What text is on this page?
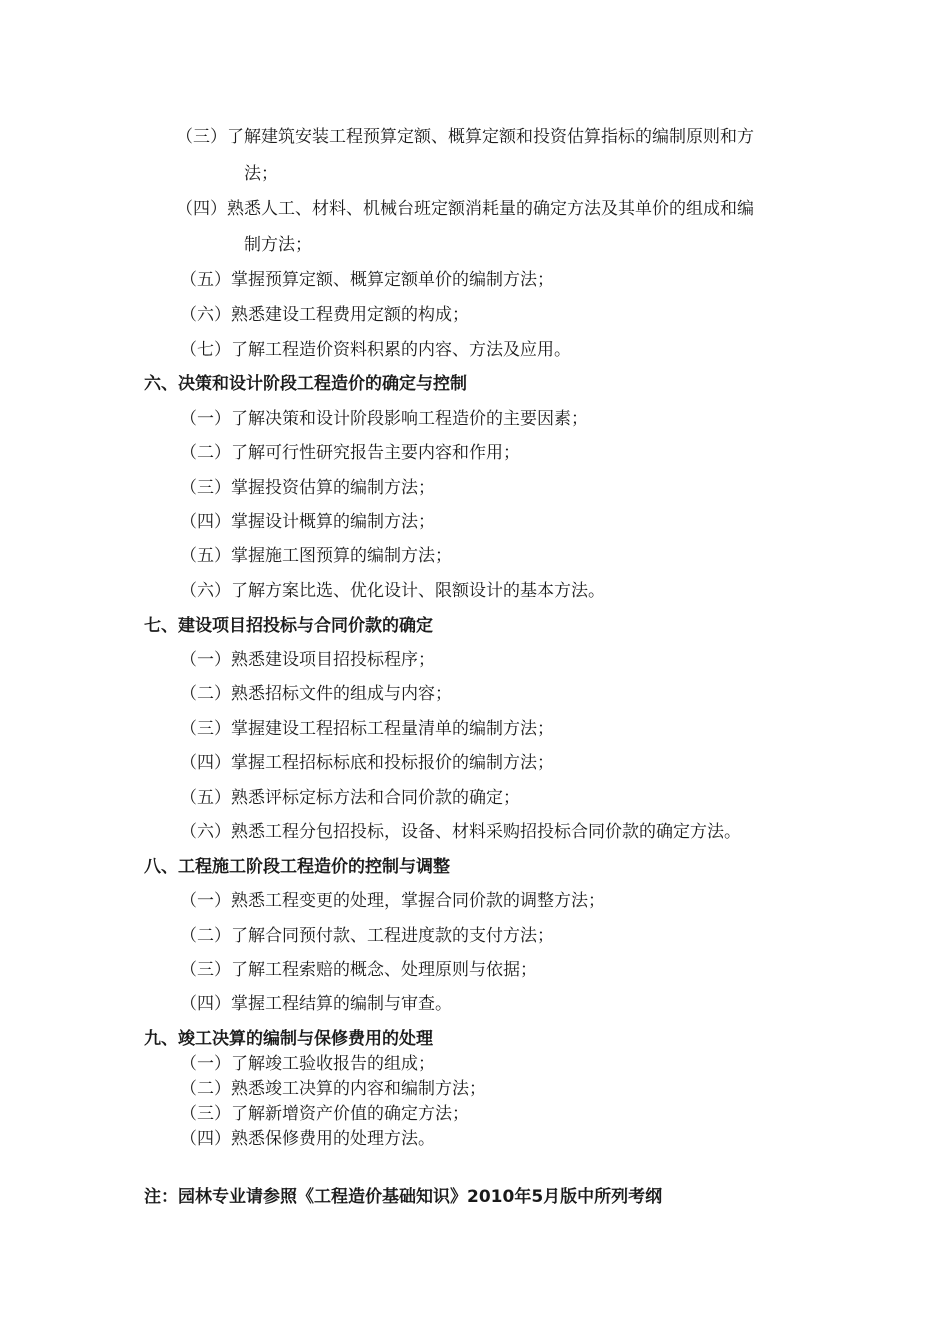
（三）了解建筑安装工程预算定额、概算定额和投资估算指标的编制原则和方
法；
（四）熟悉人工、材料、机械台班定额消耗量的确定方法及其单价的组成和编
制方法；
（五）掌握预算定额、概算定额单价的编制方法；
（六）熟悉建设工程费用定额的构成；
（七）了解工程造价资料积累的内容、方法及应用。
六、决策和设计阶段工程造价的确定与控制
（一）了解决策和设计阶段影响工程造价的主要因素；
（二）了解可行性研究报告主要内容和作用；
（三）掌握投资估算的编制方法；
（四）掌握设计概算的编制方法；
（五）掌握施工图预算的编制方法；
（六）了解方案比选、优化设计、限额设计的基本方法。
七、建设项目招投标与合同价款的确定
（一）熟悉建设项目招投标程序；
（二）熟悉招标文件的组成与内容；
（三）掌握建设工程招标工程量清单的编制方法；
（四）掌握工程招标标底和投标报价的编制方法；
（五）熟悉评标定标方法和合同价款的确定；
（六）熟悉工程分包招投标，设备、材料采购招投标合同价款的确定方法。
八、工程施工阶段工程造价的控制与调整
（一）熟悉工程变更的处理，掌握合同价款的调整方法；
（二）了解合同预付款、工程进度款的支付方法；
（三）了解工程索赔的概念、处理原则与依据；
（四）掌握工程结算的编制与审查。
九、竣工决算的编制与保修费用的处理
（一）了解竣工验收报告的组成；
（二）熟悉竣工决算的内容和编制方法；
（三）了解新增资产价值的确定方法；
（四）熟悉保修费用的处理方法。
注：园林专业请参照《工程造价基础知识》2010年5月版中所列考纲
